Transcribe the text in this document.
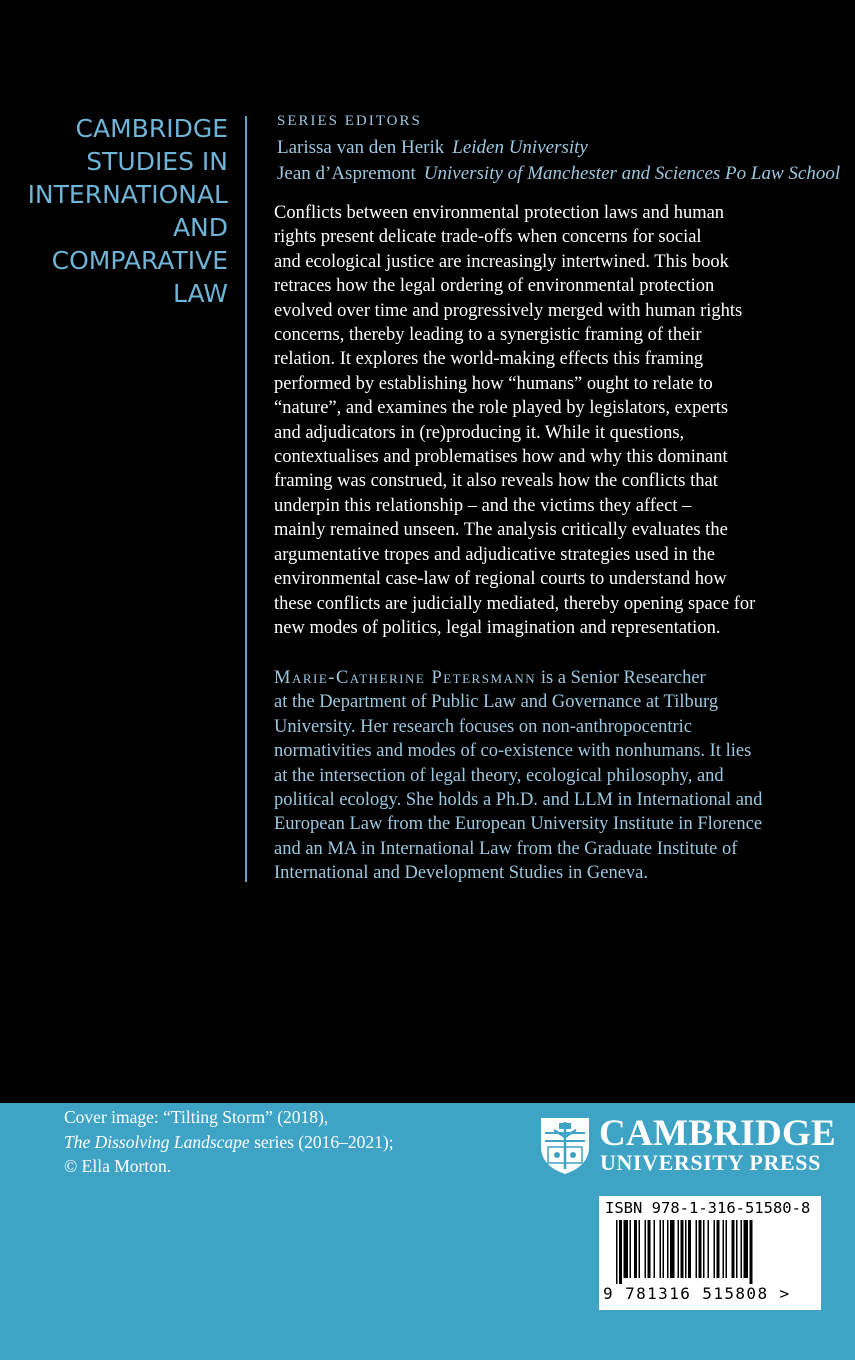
CAMBRIDGE
STUDIES IN
INTERNATIONAL
AND
COMPARATIVE
LAW
SERIES EDITORS
Larissa van den Herik Leiden University
Jean d’Aspremont University of Manchester and Sciences Po Law School
Conflicts between environmental protection laws and human
rights present delicate trade-offs when concerns for social
and ecological justice are increasingly intertwined. This book
retraces how the legal ordering of environmental protection
evolved over time and progressively merged with human rights
concerns, thereby leading to a synergistic framing of their
relation. It explores the world-making effects this framing
performed by establishing how “humans” ought to relate to
“nature”, and examines the role played by legislators, experts
and adjudicators in (re)producing it. While it questions,
contextualises and problematises how and why this dominant
framing was construed, it also reveals how the conflicts that
underpin this relationship – and the victims they affect –
mainly remained unseen. The analysis critically evaluates the
argumentative tropes and adjudicative strategies used in the
environmental case-law of regional courts to understand how
these conflicts are judicially mediated, thereby opening space for
new modes of politics, legal imagination and representation.
Marie-Catherine Petersmann is a Senior Researcher
at the Department of Public Law and Governance at Tilburg
University. Her research focuses on non-anthropocentric
normativities and modes of co-existence with nonhumans. It lies
at the intersection of legal theory, ecological philosophy, and
political ecology. She holds a Ph.D. and LLM in International and
European Law from the European University Institute in Florence
and an MA in International Law from the Graduate Institute of
International and Development Studies in Geneva.
Cover image: “Tilting Storm” (2018),
The Dissolving Landscape series (2016–2021);
© Ella Morton.
CAMBRIDGE
UNIVERSITY PRESS
ISBN 978-1-316-51580-8
9 781316 515808 >
